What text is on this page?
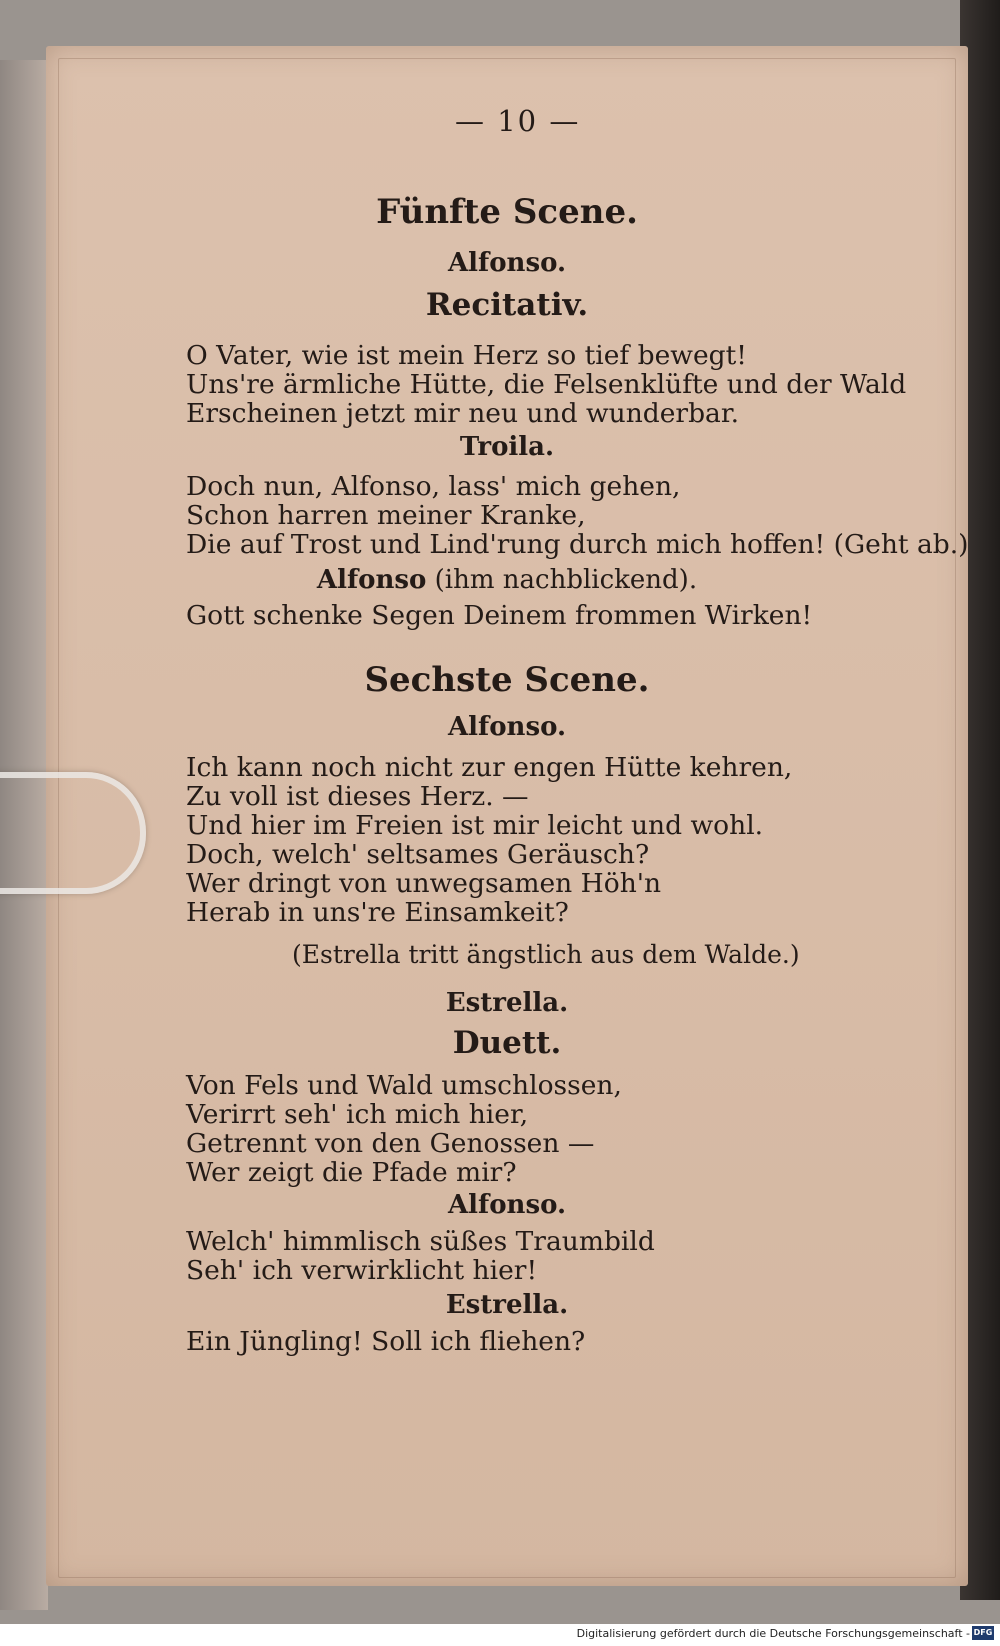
— 10 —
Fünfte Scene.
Alfonso.
Recitativ.
O Vater, wie ist mein Herz so tief bewegt!
Uns're ärmliche Hütte, die Felsenklüfte und der Wald
Erscheinen jetzt mir neu und wunderbar.
Troila.
Doch nun, Alfonso, lass' mich gehen,
Schon harren meiner Kranke,
Die auf Trost und Lind'rung durch mich hoffen! (Geht ab.)
Alfonso (ihm nachblickend).
Gott schenke Segen Deinem frommen Wirken!
Sechste Scene.
Alfonso.
Ich kann noch nicht zur engen Hütte kehren,
Zu voll ist dieses Herz. —
Und hier im Freien ist mir leicht und wohl.
Doch, welch' seltsames Geräusch?
Wer dringt von unwegsamen Höh'n
Herab in uns're Einsamkeit?
(Estrella tritt ängstlich aus dem Walde.)
Estrella.
Duett.
Von Fels und Wald umschlossen,
Verirrt seh' ich mich hier,
Getrennt von den Genossen —
Wer zeigt die Pfade mir?
Alfonso.
Welch' himmlisch süßes Traumbild
Seh' ich verwirklicht hier!
Estrella.
Ein Jüngling! Soll ich fliehen?
Digitalisierung gefördert durch die Deutsche Forschungsgemeinschaft - DFG
